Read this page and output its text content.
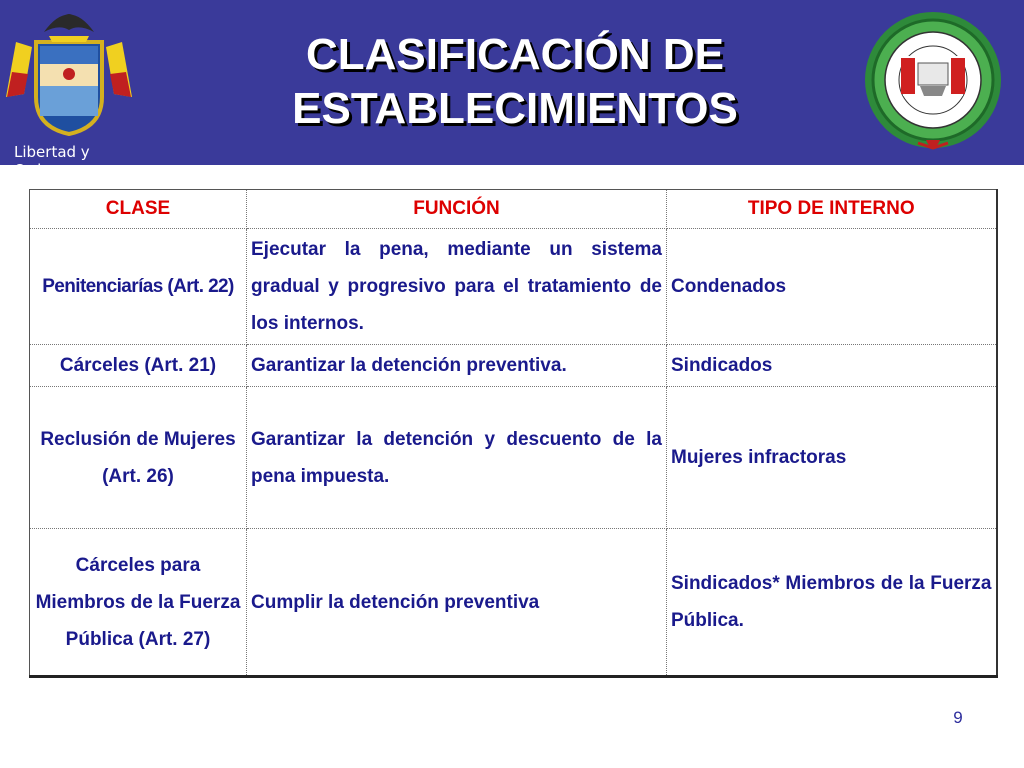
Libertad y Orden
CLASIFICACIÓN DE
ESTABLECIMIENTOS
CLASE	FUNCIÓN	TIPO DE INTERNO
Penitenciarías (Art. 22)	Ejecutar la pena, mediante un sistema gradual y progresivo para el tratamiento de los internos.	Condenados
Cárceles (Art. 21)	Garantizar la detención preventiva.	Sindicados
Reclusión de Mujeres (Art. 26)	Garantizar la detención y descuento de la pena impuesta.	Mujeres infractoras
Cárceles para Miembros de la Fuerza Pública (Art. 27)	Cumplir la detención preventiva	Sindicados* Miembros de la Fuerza Pública.
9
